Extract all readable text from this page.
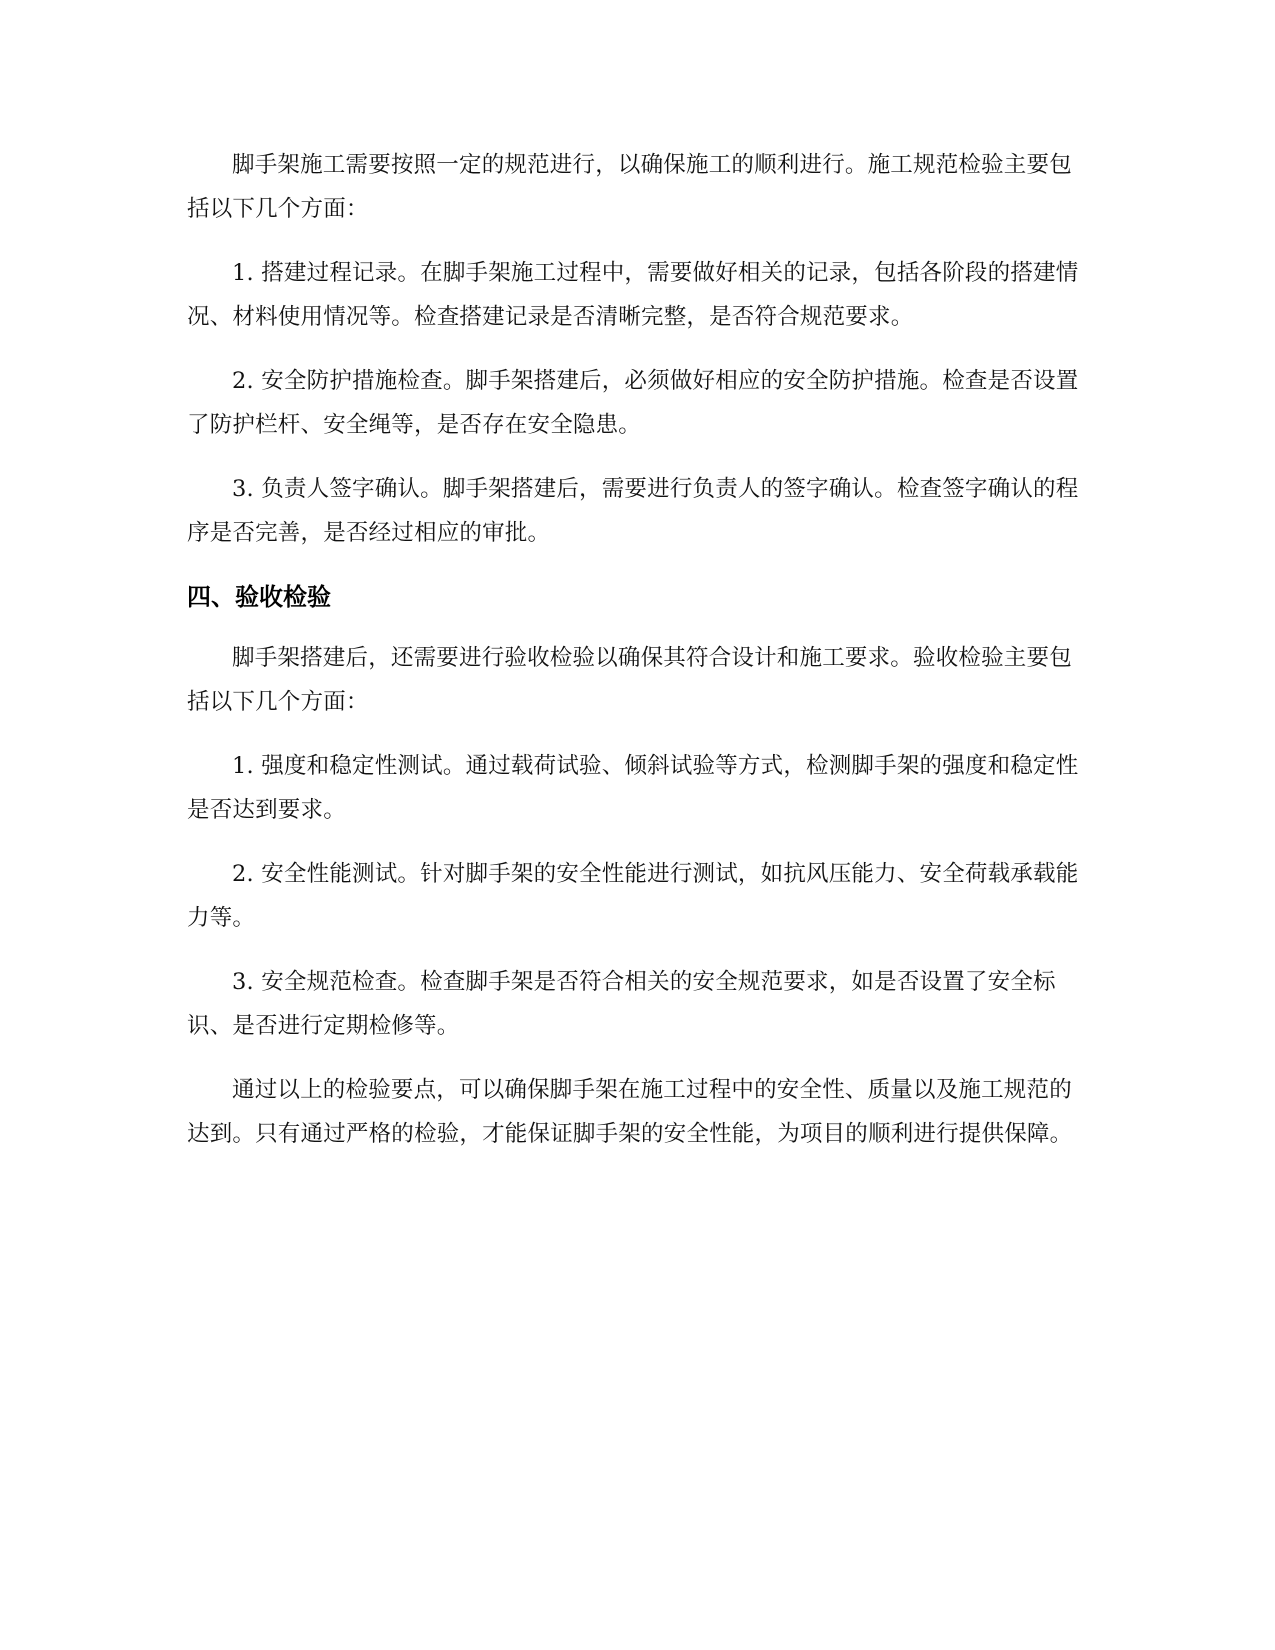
脚手架施工需要按照一定的规范进行，以确保施工的顺利进行。施工规范检验主要包括以下几个方面：

1. 搭建过程记录。在脚手架施工过程中，需要做好相关的记录，包括各阶段的搭建情况、材料使用情况等。检查搭建记录是否清晰完整，是否符合规范要求。

2. 安全防护措施检查。脚手架搭建后，必须做好相应的安全防护措施。检查是否设置了防护栏杆、安全绳等，是否存在安全隐患。

3. 负责人签字确认。脚手架搭建后，需要进行负责人的签字确认。检查签字确认的程序是否完善，是否经过相应的审批。

四、验收检验

脚手架搭建后，还需要进行验收检验以确保其符合设计和施工要求。验收检验主要包括以下几个方面：

1. 强度和稳定性测试。通过载荷试验、倾斜试验等方式，检测脚手架的强度和稳定性是否达到要求。

2. 安全性能测试。针对脚手架的安全性能进行测试，如抗风压能力、安全荷载承载能力等。

3. 安全规范检查。检查脚手架是否符合相关的安全规范要求，如是否设置了安全标识、是否进行定期检修等。

通过以上的检验要点，可以确保脚手架在施工过程中的安全性、质量以及施工规范的达到。只有通过严格的检验，才能保证脚手架的安全性能，为项目的顺利进行提供保障。
